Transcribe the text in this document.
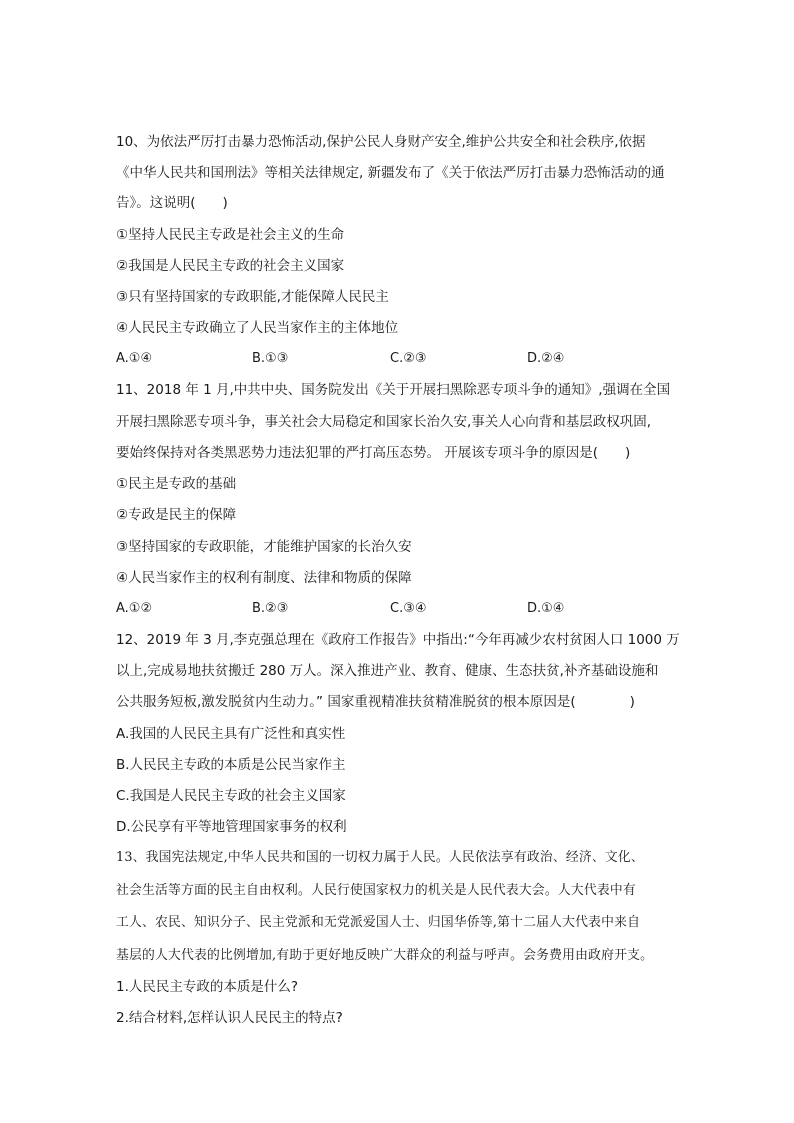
10、为依法严厉打击暴力恐怖活动,保护公民人身财产安全,维护公共安全和社会秩序,依据
《中华人民共和国刑法》等相关法律规定, 新疆发布了《关于依法严厉打击暴力恐怖活动的通
告》。这说明(　　)
①坚持人民民主专政是社会主义的生命
②我国是人民民主专政的社会主义国家
③只有坚持国家的专政职能,才能保障人民民主
④人民民主专政确立了人民当家作主的主体地位
A.①④	B.①③	C.②③	D.②④
11、2018 年 1 月,中共中央、国务院发出《关于开展扫黑除恶专项斗争的通知》,强调在全国
开展扫黑除恶专项斗争，事关社会大局稳定和国家长治久安,事关人心向背和基层政权巩固,
要始终保持对各类黑恶势力违法犯罪的严打高压态势。 开展该专项斗争的原因是(　　)
①民主是专政的基础
②专政是民主的保障
③坚持国家的专政职能，才能维护国家的长治久安
④人民当家作主的权利有制度、法律和物质的保障
A.①②	B.②③	C.③④	D.①④
12、2019 年 3 月,李克强总理在《政府工作报告》中指出:“今年再减少农村贫困人口 1000 万
以上,完成易地扶贫搬迁 280 万人。深入推进产业、教育、健康、生态扶贫,补齐基础设施和
公共服务短板,激发脱贫内生动力。” 国家重视精准扶贫精准脱贫的根本原因是(　　　　)
A.我国的人民民主具有广泛性和真实性
B.人民民主专政的本质是公民当家作主
C.我国是人民民主专政的社会主义国家
D.公民享有平等地管理国家事务的权利
13、我国宪法规定,中华人民共和国的一切权力属于人民。人民依法享有政治、经济、文化、
社会生活等方面的民主自由权利。人民行使国家权力的机关是人民代表大会。人大代表中有
工人、农民、知识分子、民主党派和无党派爱国人士、归国华侨等,第十二届人大代表中来自
基层的人大代表的比例增加,有助于更好地反映广大群众的利益与呼声。会务费用由政府开支。
1.人民民主专政的本质是什么?
2.结合材料,怎样认识人民民主的特点?
